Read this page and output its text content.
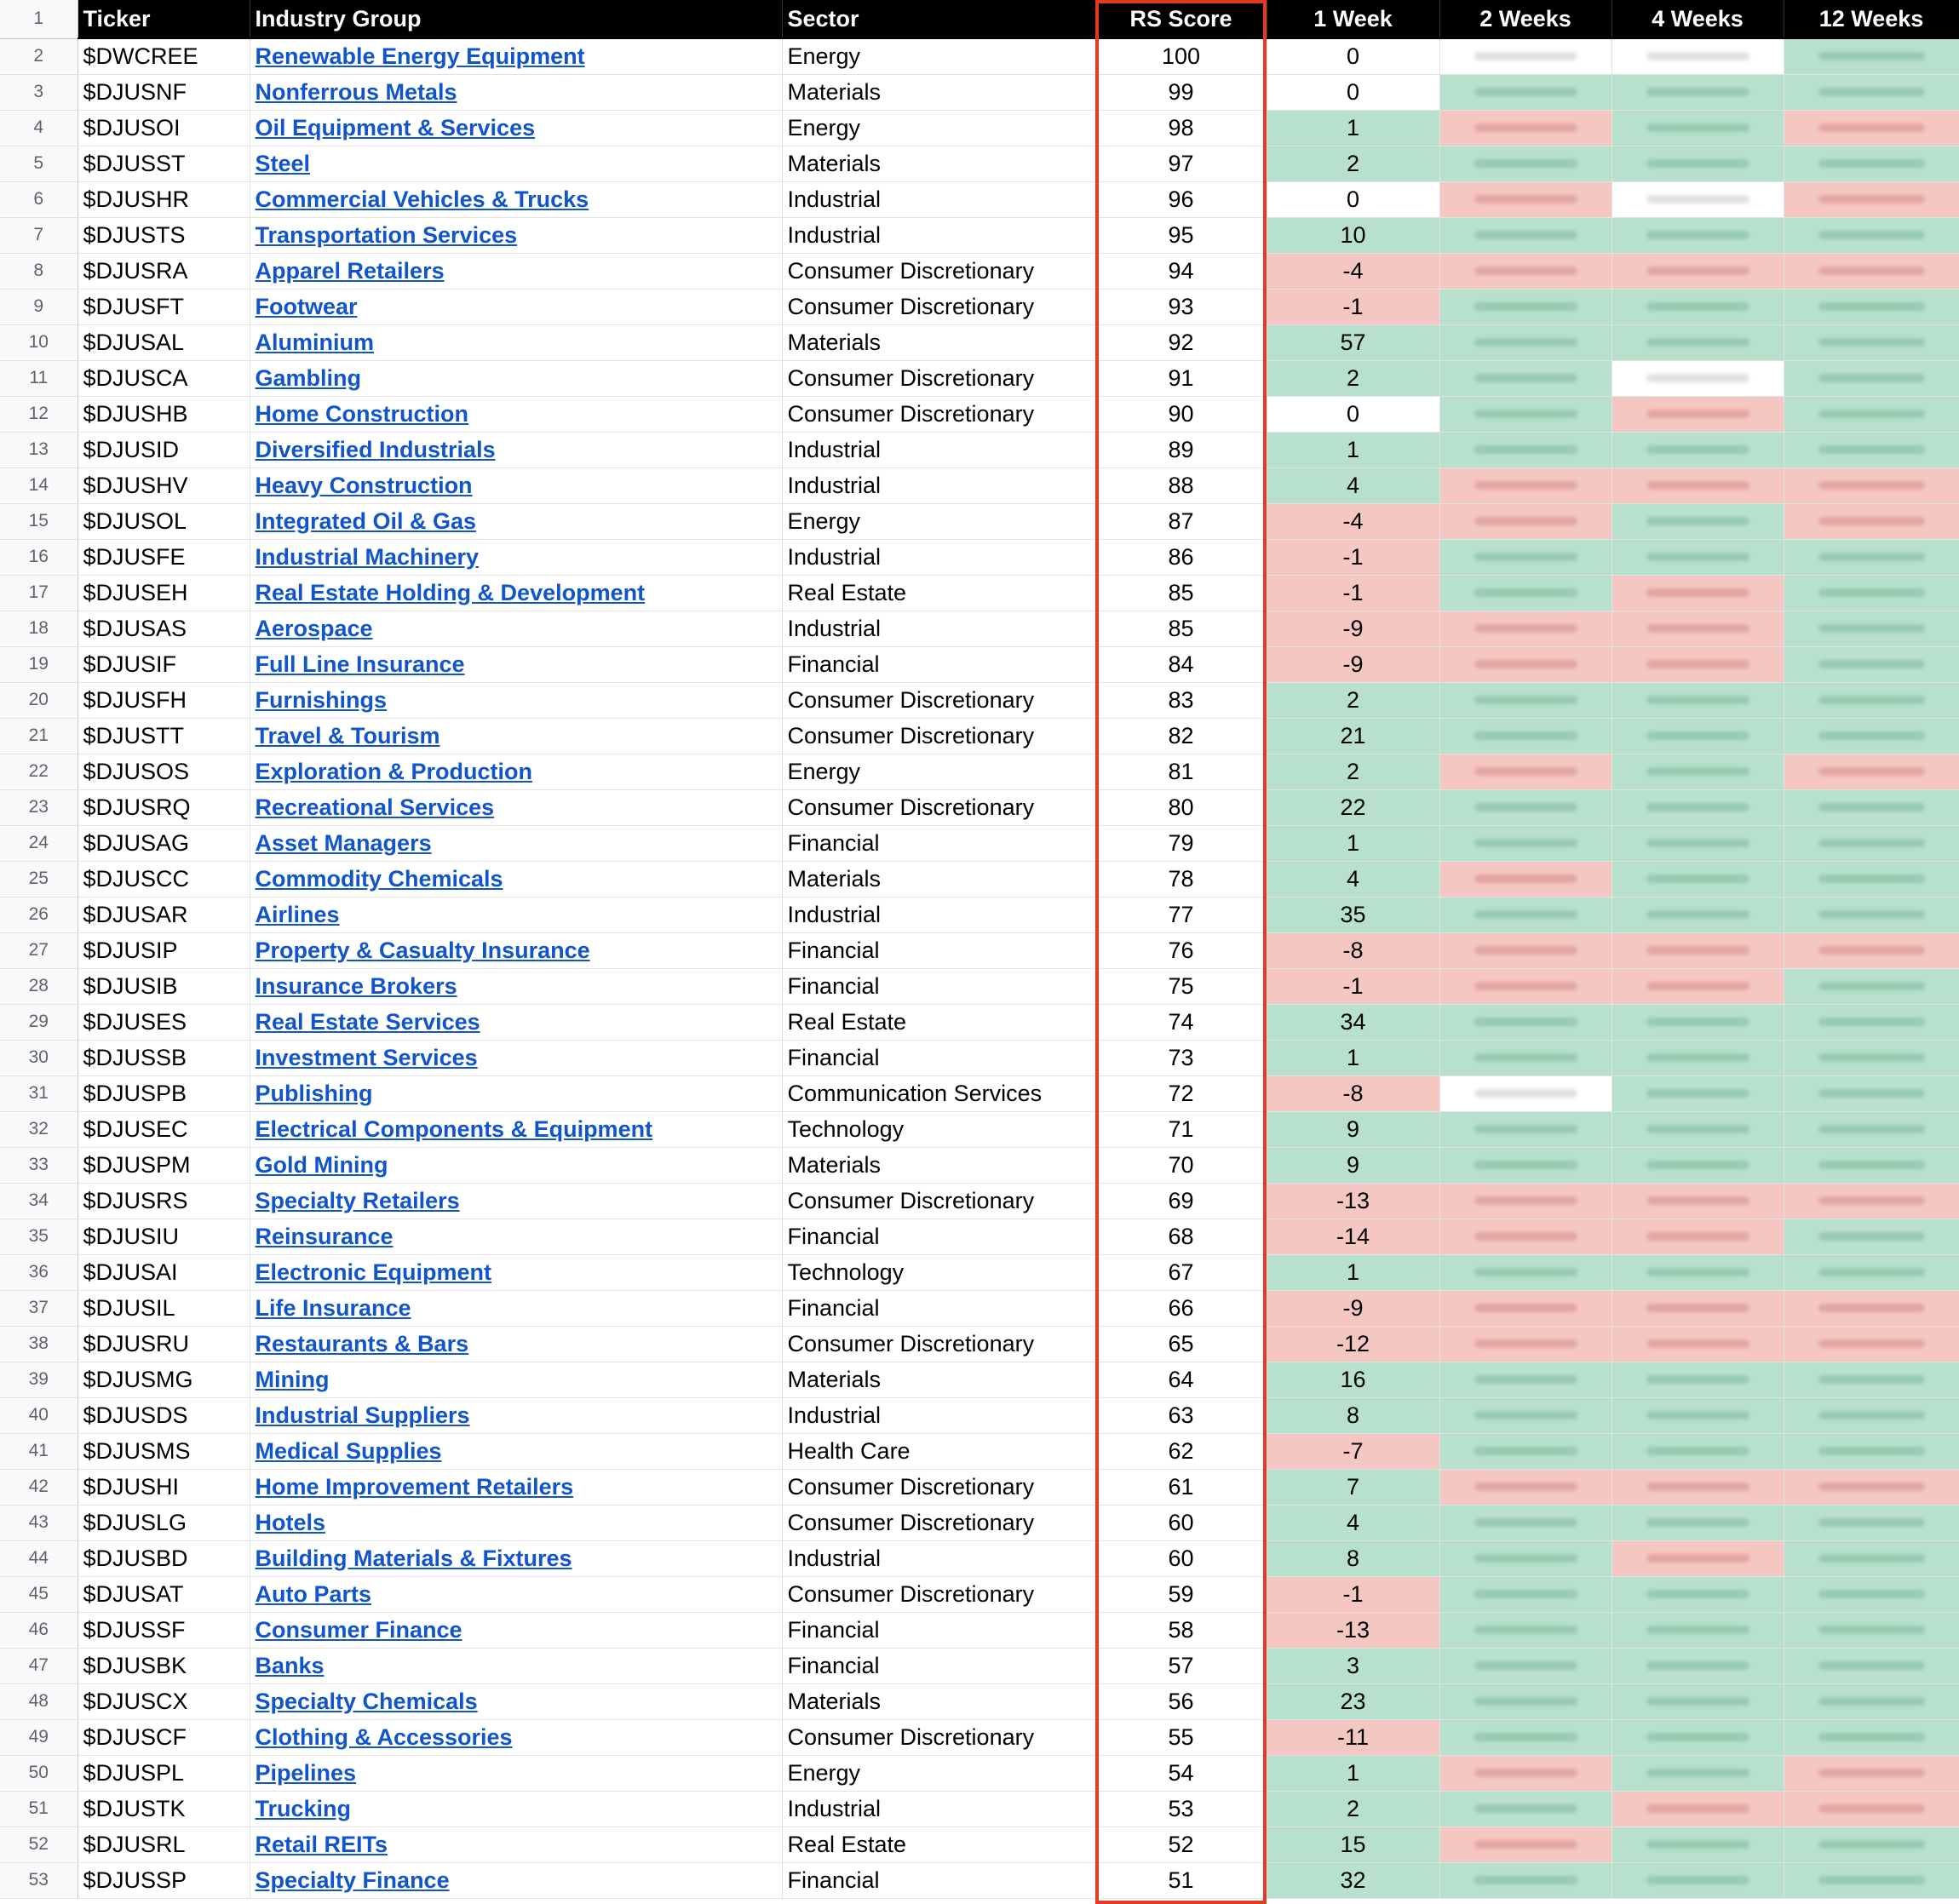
1	Ticker	Industry Group	Sector	RS Score	1 Week	2 Weeks	4 Weeks	12 Weeks
2	$DWCREE	Renewable Energy Equipment	Energy	100	0	

3	$DJUSNF	Nonferrous Metals	Materials	99	0	

4	$DJUSOI	Oil Equipment & Services	Energy	98	1	

5	$DJUSST	Steel	Materials	97	2	

6	$DJUSHR	Commercial Vehicles & Trucks	Industrial	96	0	

7	$DJUSTS	Transportation Services	Industrial	95	10	

8	$DJUSRA	Apparel Retailers	Consumer Discretionary	94	-4	

9	$DJUSFT	Footwear	Consumer Discretionary	93	-1	

10	$DJUSAL	Aluminium	Materials	92	57	

11	$DJUSCA	Gambling	Consumer Discretionary	91	2	

12	$DJUSHB	Home Construction	Consumer Discretionary	90	0	

13	$DJUSID	Diversified Industrials	Industrial	89	1	

14	$DJUSHV	Heavy Construction	Industrial	88	4	

15	$DJUSOL	Integrated Oil & Gas	Energy	87	-4	

16	$DJUSFE	Industrial Machinery	Industrial	86	-1	

17	$DJUSEH	Real Estate Holding & Development	Real Estate	85	-1	

18	$DJUSAS	Aerospace	Industrial	85	-9	

19	$DJUSIF	Full Line Insurance	Financial	84	-9	

20	$DJUSFH	Furnishings	Consumer Discretionary	83	2	

21	$DJUSTT	Travel & Tourism	Consumer Discretionary	82	21	

22	$DJUSOS	Exploration & Production	Energy	81	2	

23	$DJUSRQ	Recreational Services	Consumer Discretionary	80	22	

24	$DJUSAG	Asset Managers	Financial	79	1	

25	$DJUSCC	Commodity Chemicals	Materials	78	4	

26	$DJUSAR	Airlines	Industrial	77	35	

27	$DJUSIP	Property & Casualty Insurance	Financial	76	-8	

28	$DJUSIB	Insurance Brokers	Financial	75	-1	

29	$DJUSES	Real Estate Services	Real Estate	74	34	

30	$DJUSSB	Investment Services	Financial	73	1	

31	$DJUSPB	Publishing	Communication Services	72	-8	

32	$DJUSEC	Electrical Components & Equipment	Technology	71	9	

33	$DJUSPM	Gold Mining	Materials	70	9	

34	$DJUSRS	Specialty Retailers	Consumer Discretionary	69	-13	

35	$DJUSIU	Reinsurance	Financial	68	-14	

36	$DJUSAI	Electronic Equipment	Technology	67	1	

37	$DJUSIL	Life Insurance	Financial	66	-9	

38	$DJUSRU	Restaurants & Bars	Consumer Discretionary	65	-12	

39	$DJUSMG	Mining	Materials	64	16	

40	$DJUSDS	Industrial Suppliers	Industrial	63	8	

41	$DJUSMS	Medical Supplies	Health Care	62	-7	

42	$DJUSHI	Home Improvement Retailers	Consumer Discretionary	61	7	

43	$DJUSLG	Hotels	Consumer Discretionary	60	4	

44	$DJUSBD	Building Materials & Fixtures	Industrial	60	8	

45	$DJUSAT	Auto Parts	Consumer Discretionary	59	-1	

46	$DJUSSF	Consumer Finance	Financial	58	-13	

47	$DJUSBK	Banks	Financial	57	3	

48	$DJUSCX	Specialty Chemicals	Materials	56	23	

49	$DJUSCF	Clothing & Accessories	Consumer Discretionary	55	-11	

50	$DJUSPL	Pipelines	Energy	54	1	

51	$DJUSTK	Trucking	Industrial	53	2	

52	$DJUSRL	Retail REITs	Real Estate	52	15	

53	$DJUSSP	Specialty Finance	Financial	51	32	
